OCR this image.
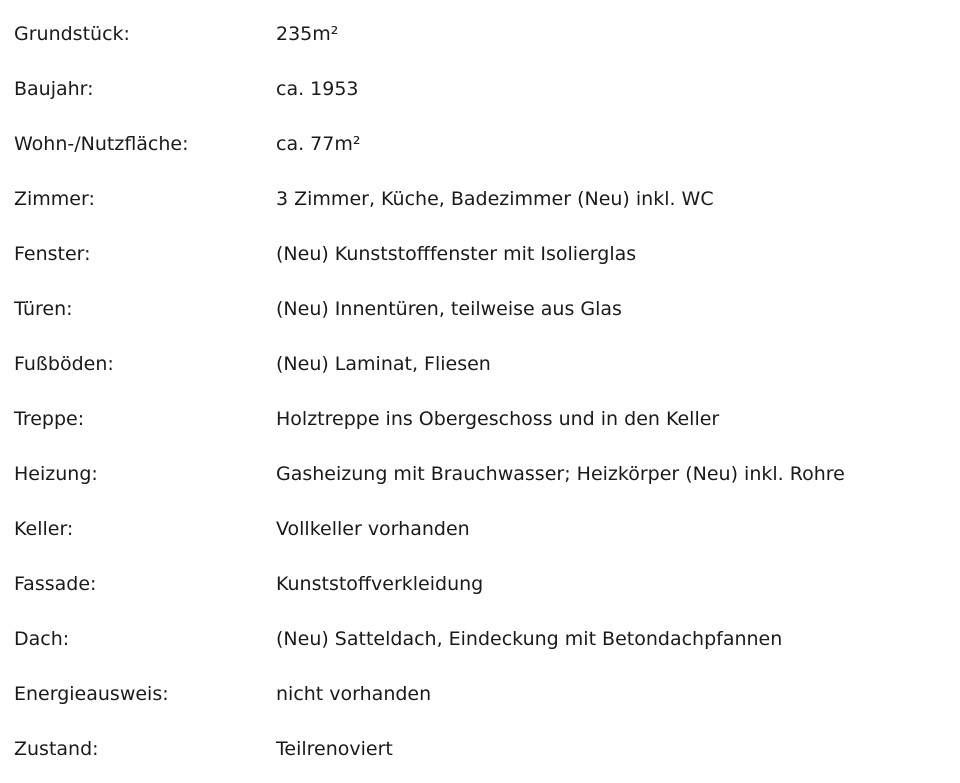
Grundstück:	235m²
Baujahr:	ca. 1953
Wohn-/Nutzfläche:	ca. 77m²
Zimmer:	3 Zimmer, Küche, Badezimmer (Neu) inkl. WC
Fenster:	(Neu) Kunststofffenster mit Isolierglas
Türen:	(Neu) Innentüren, teilweise aus Glas
Fußböden:	(Neu) Laminat, Fliesen
Treppe:	Holztreppe ins Obergeschoss und in den Keller
Heizung:	Gasheizung mit Brauchwasser; Heizkörper (Neu) inkl. Rohre
Keller:	Vollkeller vorhanden
Fassade:	Kunststoffverkleidung
Dach:	(Neu) Satteldach, Eindeckung mit Betondachpfannen
Energieausweis:	nicht vorhanden
Zustand:	Teilrenoviert
